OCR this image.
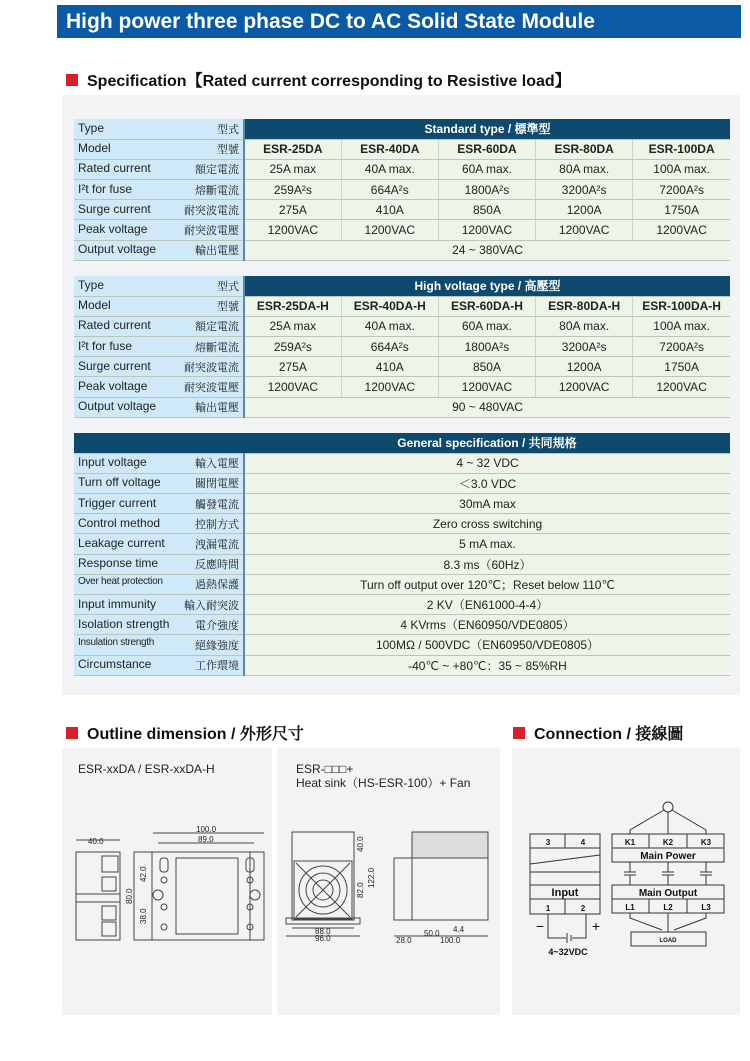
High power three phase DC to AC Solid State Module
Specification【Rated current corresponding to Resistive load】
Type 型式	Standard type / 標準型				

Model 型號	ESR-25DA	ESR-40DA	ESR-60DA	ESR-80DA	ESR-100DA

Rated current 額定電流	25A max	40A max.	60A max.	80A max.	100A max.

I²t for fuse 熔斷電流	259A²s	664A²s	1800A²s	3200A²s	7200A²s

Surge current 耐突波電流	275A	410A	850A	1200A	1750A

Peak voltage 耐突波電壓	1200VAC	1200VAC	1200VAC	1200VAC	1200VAC

Output voltage 輸出電壓	24 ~ 380VAC				
Type 型式	High voltage type / 高壓型				

Model 型號	ESR-25DA-H	ESR-40DA-H	ESR-60DA-H	ESR-80DA-H	ESR-100DA-H

Rated current 額定電流	25A max	40A max.	60A max.	80A max.	100A max.

I²t for fuse 熔斷電流	259A²s	664A²s	1800A²s	3200A²s	7200A²s

Surge current 耐突波電流	275A	410A	850A	1200A	1750A

Peak voltage 耐突波電壓	1200VAC	1200VAC	1200VAC	1200VAC	1200VAC

Output voltage 輸出電壓	90 ~ 480VAC				
	General specification / 共同規格

Input voltage 輸入電壓	4 ~ 32 VDC

Turn off voltage 關閉電壓	＜3.0 VDC

Trigger current 觸發電流	30mA max

Control method 控制方式	Zero cross switching

Leakage current 洩漏電流	5 mA max.

Response time 反應時間	8.3 ms（60Hz）

Over heat protection 過熱保護	Turn off output over 120℃；Reset below 110℃

Input immunity 輸入耐突波	2 KV（EN61000-4-4）

Isolation strength 電介強度	4 KVrms（EN60950/VDE0805）

Insulation strength 絕緣強度	100MΩ / 500VDC（EN60950/VDE0805）

Circumstance 工作環境	-40℃ ~ +80℃：35 ~ 85%RH
Outline dimension / 外形尺寸	Connection / 接線圖
ESR-xxDA / ESR-xxDA-H	ESR-□□□+
Heat sink（HS-ESR-100）+ Fan
40.0
100.0
89.0
80.0
42.0
38.0
40.0
82.0
122.0
88.0
96.0	28.0
50.0 4.4
100.0
3	4
Input
1	2
K1	K2	K3
Main Power
Main Output
L1	L2	L3
LOAD
−	+
4~32VDC
